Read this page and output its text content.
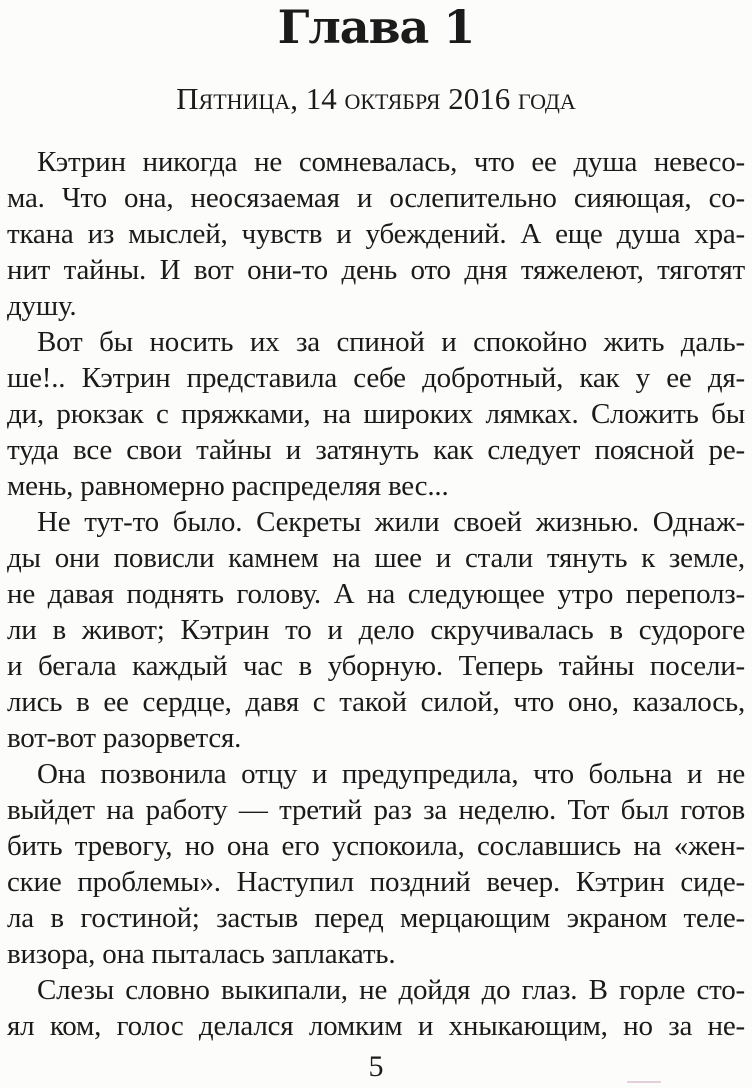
Глава 1
Пятница, 14 октября 2016 года
Кэтрин никогда не сомневалась, что ее душа невесо-
ма. Что она, неосязаемая и ослепительно сияющая, со-
ткана из мыслей, чувств и убеждений. А еще душа хра-
нит тайны. И вот они-то день ото дня тяжелеют, тяготят
душу.
Вот бы носить их за спиной и спокойно жить даль-
ше!.. Кэтрин представила себе добротный, как у ее дя-
ди, рюкзак с пряжками, на широких лямках. Сложить бы
туда все свои тайны и затянуть как следует поясной ре-
мень, равномерно распределяя вес...
Не тут-то было. Секреты жили своей жизнью. Однаж-
ды они повисли камнем на шее и стали тянуть к земле,
не давая поднять голову. А на следующее утро переполз-
ли в живот; Кэтрин то и дело скручивалась в судороге
и бегала каждый час в уборную. Теперь тайны посели-
лись в ее сердце, давя с такой силой, что оно, казалось,
вот-вот разорвется.
Она позвонила отцу и предупредила, что больна и не
выйдет на работу — третий раз за неделю. Тот был готов
бить тревогу, но она его успокоила, сославшись на «жен-
ские проблемы». Наступил поздний вечер. Кэтрин сиде-
ла в гостиной; застыв перед мерцающим экраном теле-
визора, она пыталась заплакать.
Слезы словно выкипали, не дойдя до глаз. В горле сто-
ял ком, голос делался ломким и хныкающим, но за не-
5
